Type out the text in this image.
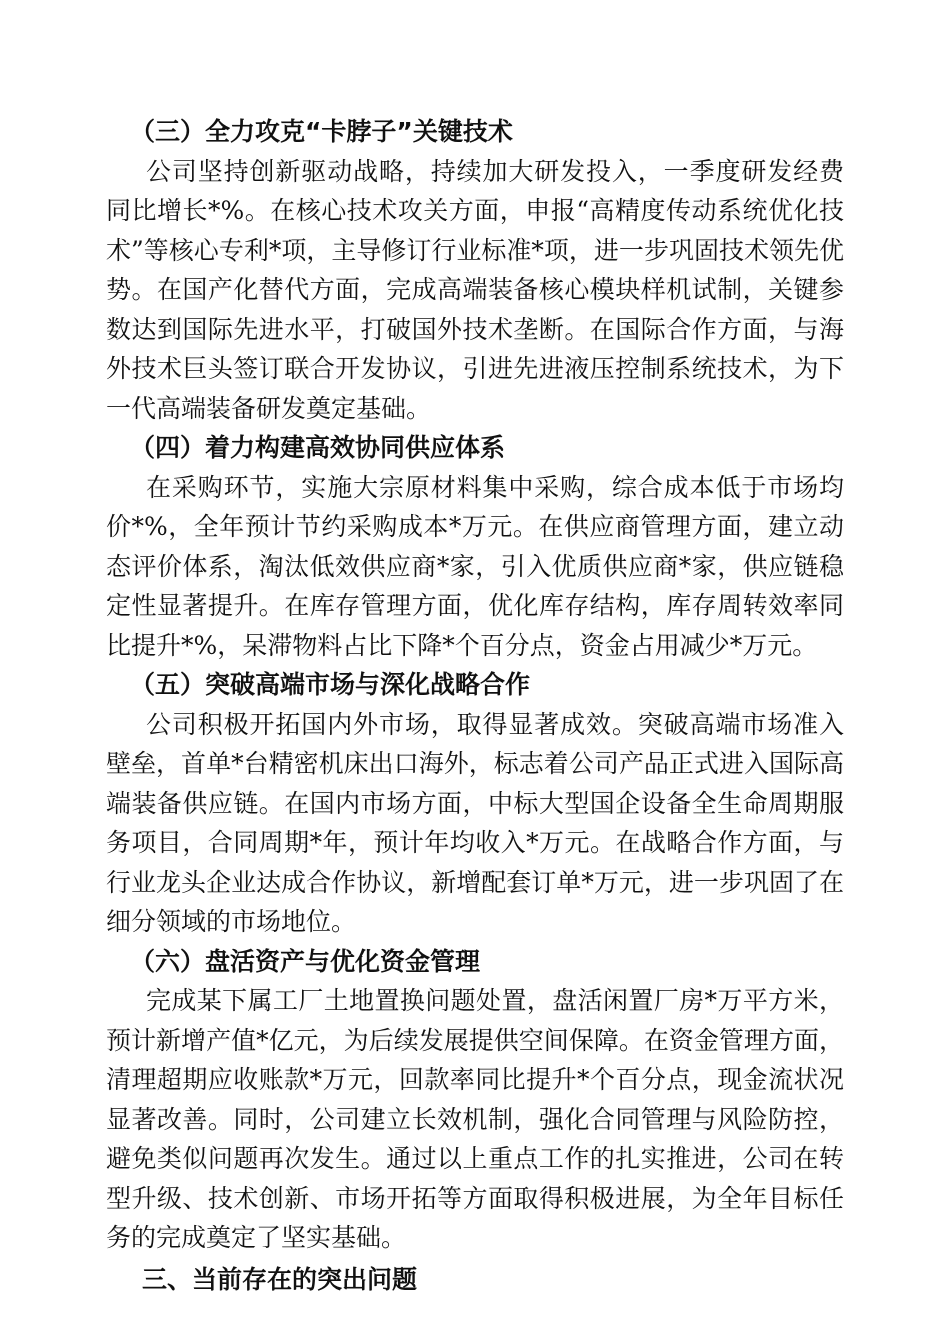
（三）全力攻克“卡脖子”关键技术

公司坚持创新驱动战略，持续加大研发投入，一季度研发经费同比增长*%。在核心技术攻关方面，申报“高精度传动系统优化技术”等核心专利*项，主导修订行业标准*项，进一步巩固技术领先优势。在国产化替代方面，完成高端装备核心模块样机试制，关键参数达到国际先进水平，打破国外技术垄断。在国际合作方面，与海外技术巨头签订联合开发协议，引进先进液压控制系统技术，为下一代高端装备研发奠定基础。

（四）着力构建高效协同供应体系

在采购环节，实施大宗原材料集中采购，综合成本低于市场均价*%，全年预计节约采购成本*万元。在供应商管理方面，建立动态评价体系，淘汰低效供应商*家，引入优质供应商*家，供应链稳定性显著提升。在库存管理方面，优化库存结构，库存周转效率同比提升*%，呆滞物料占比下降*个百分点，资金占用减少*万元。

（五）突破高端市场与深化战略合作

公司积极开拓国内外市场，取得显著成效。突破高端市场准入壁垒，首单*台精密机床出口海外，标志着公司产品正式进入国际高端装备供应链。在国内市场方面，中标大型国企设备全生命周期服务项目，合同周期*年，预计年均收入*万元。在战略合作方面，与行业龙头企业达成合作协议，新增配套订单*万元，进一步巩固了在细分领域的市场地位。

（六）盘活资产与优化资金管理

完成某下属工厂土地置换问题处置，盘活闲置厂房*万平方米，预计新增产值*亿元，为后续发展提供空间保障。在资金管理方面，清理超期应收账款*万元，回款率同比提升*个百分点，现金流状况显著改善。同时，公司建立长效机制，强化合同管理与风险防控，避免类似问题再次发生。通过以上重点工作的扎实推进，公司在转型升级、技术创新、市场开拓等方面取得积极进展，为全年目标任务的完成奠定了坚实基础。

三、当前存在的突出问题
